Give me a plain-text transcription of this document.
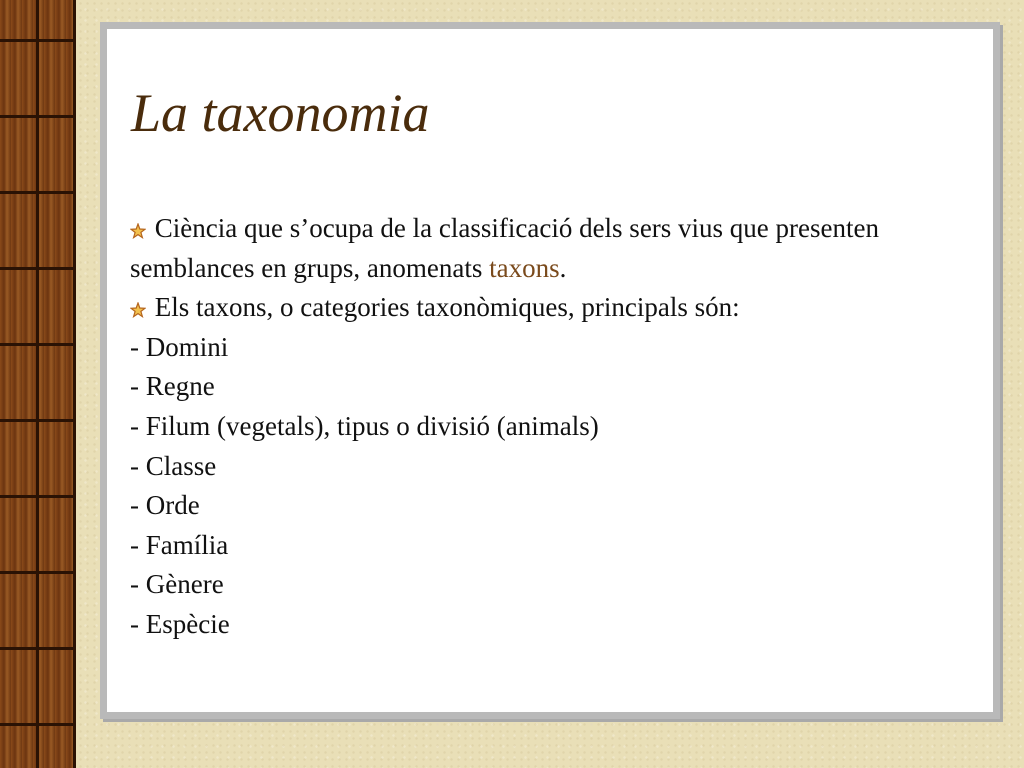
La taxonomia

Ciència que s’ocupa de la classificació dels sers vius que presenten semblances en grups, anomenats taxons.

Els taxons, o categories taxonòmiques, principals són:

- Domini
- Regne
- Filum (vegetals), tipus o divisió (animals)
- Classe
- Orde
- Família
- Gènere
- Espècie
